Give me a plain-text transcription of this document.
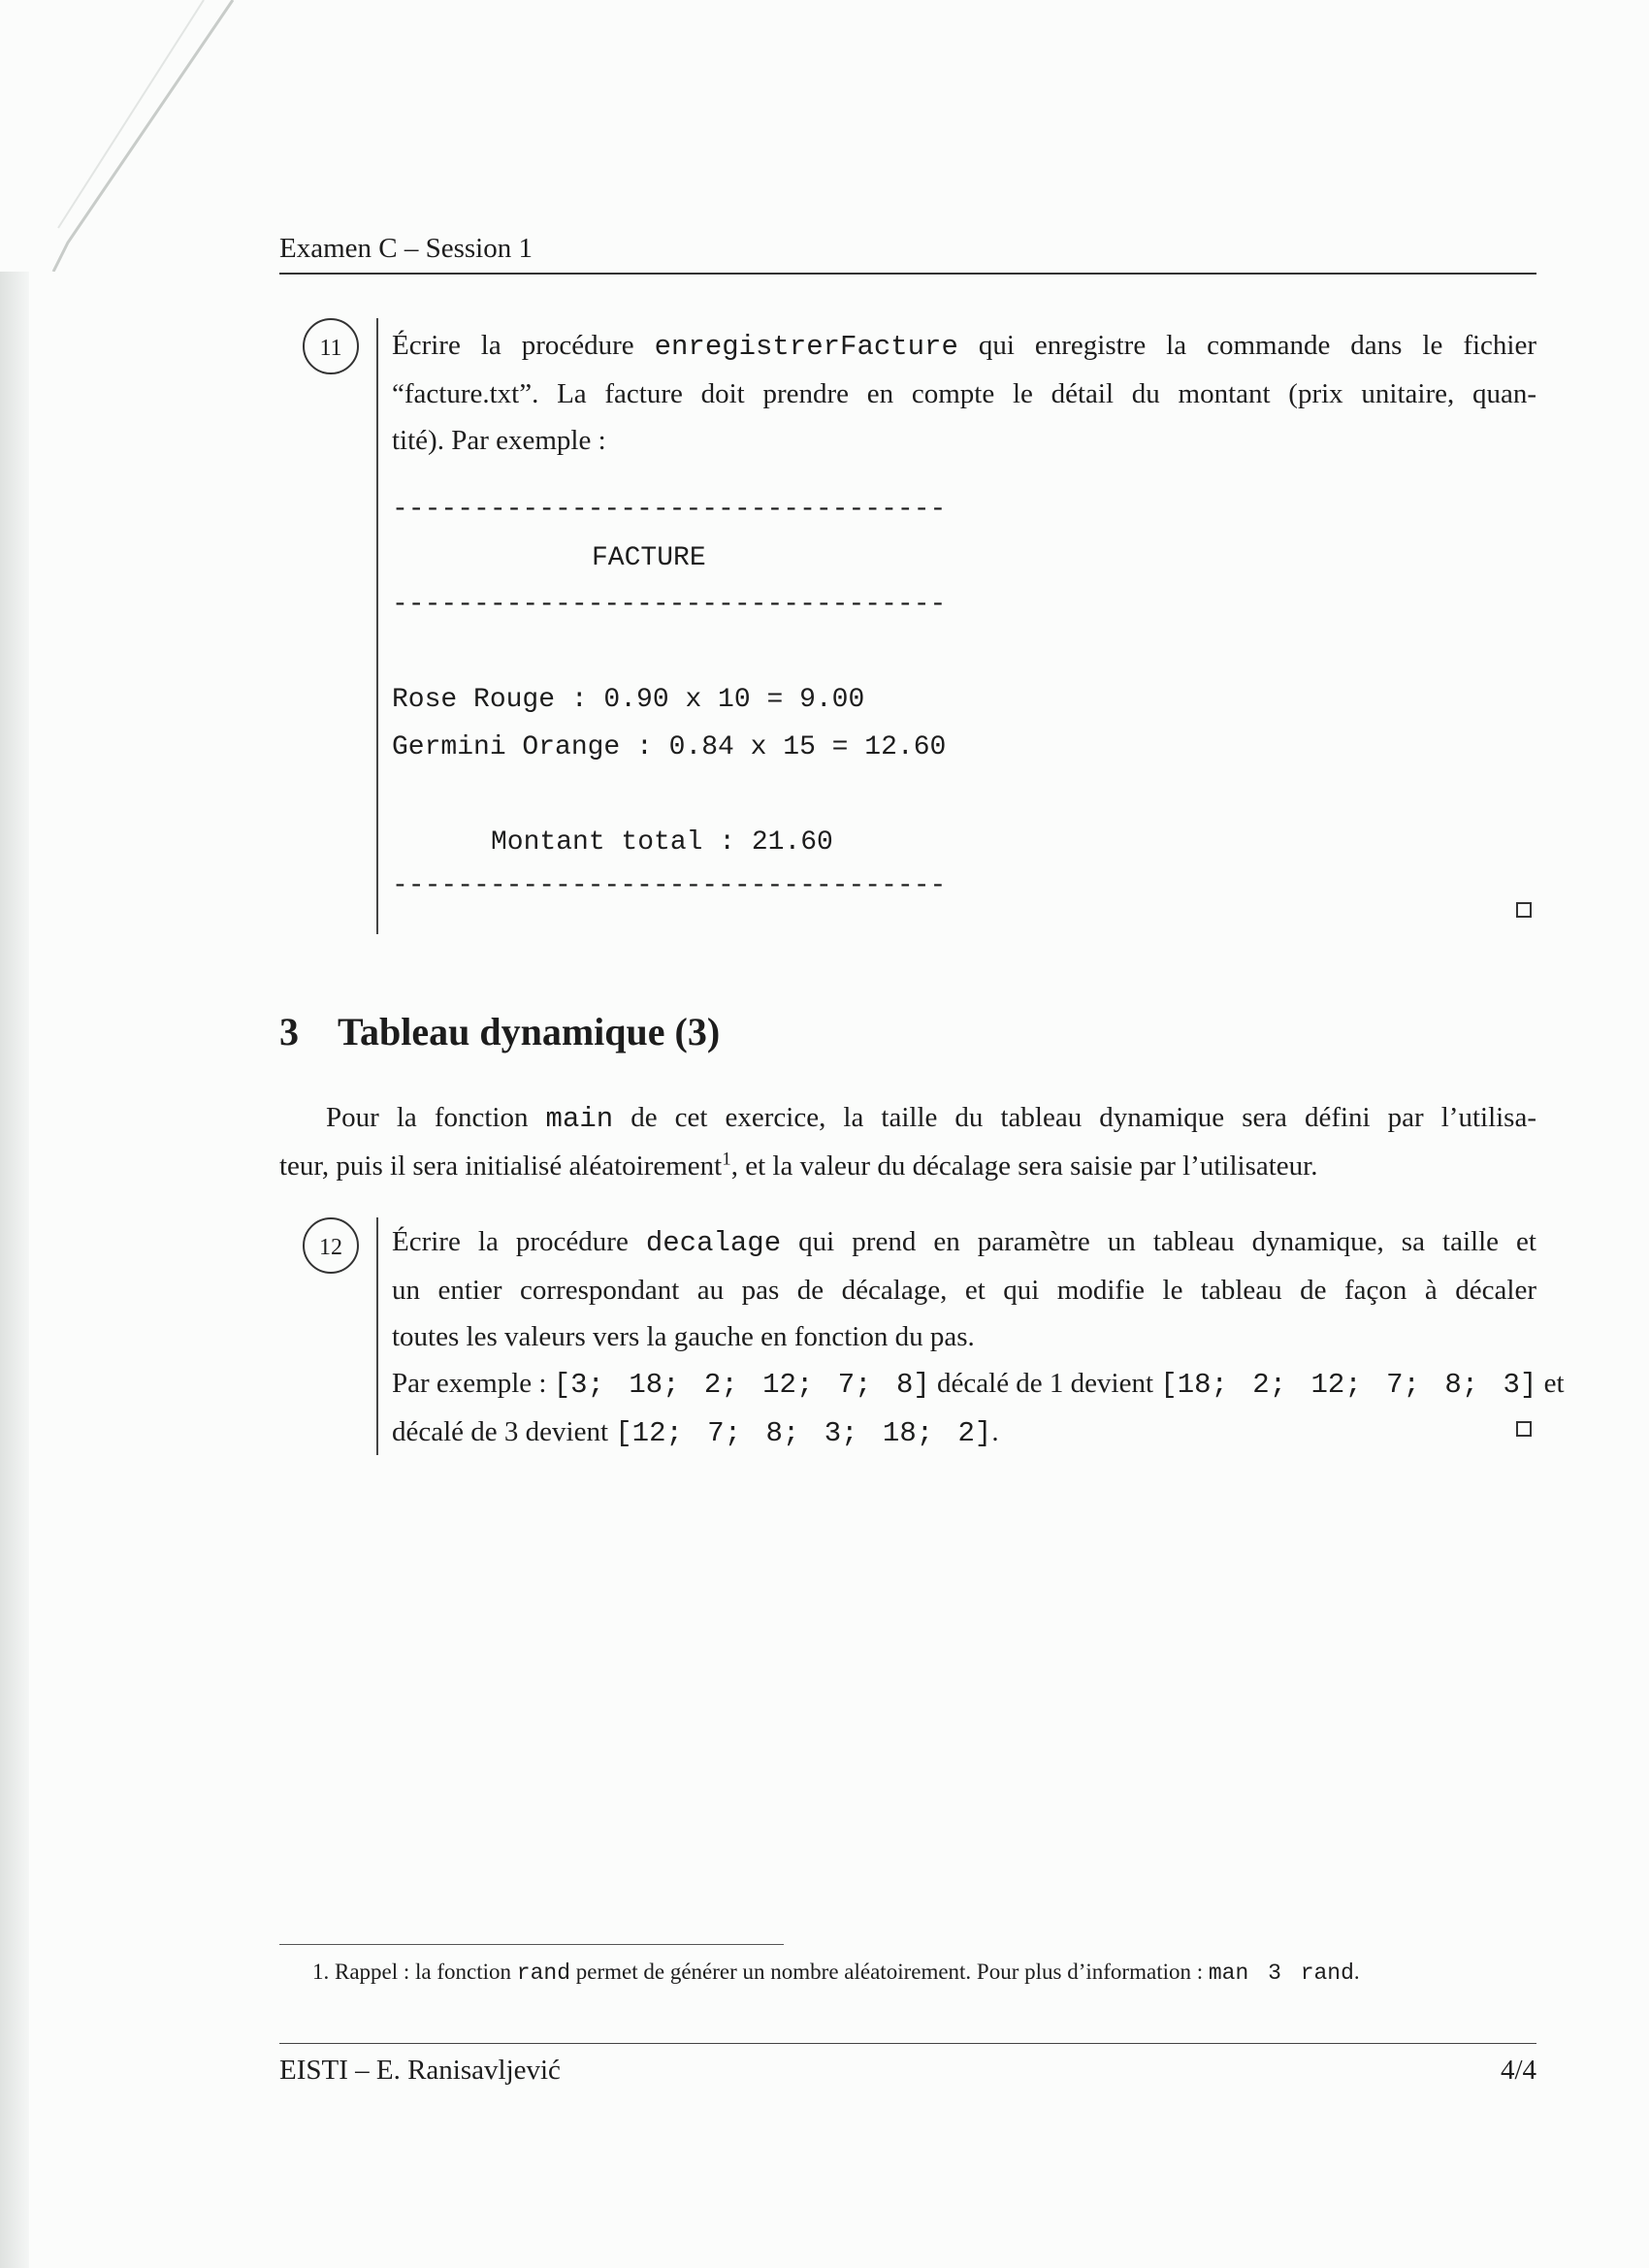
Examen C – Session 1
11	Écrire la procédure enregistrerFacture qui enregistre la commande dans le fichier
“facture.txt”. La facture doit prendre en compte le détail du montant (prix unitaire, quan-
tité). Par exemple :
----------------------------------
FACTURE
----------------------------------
Rose Rouge : 0.90 x 10 = 9.00
Germini Orange : 0.84 x 15 = 12.60
Montant total : 21.60
----------------------------------
3 Tableau dynamique (3)
Pour la fonction main de cet exercice, la taille du tableau dynamique sera défini par l’utilisa-
teur, puis il sera initialisé aléatoirement$^1$, et la valeur du décalage sera saisie par l’utilisateur.
12	Écrire la procédure decalage qui prend en paramètre un tableau dynamique, sa taille et
un entier correspondant au pas de décalage, et qui modifie le tableau de façon à décaler
toutes les valeurs vers la gauche en fonction du pas.
Par exemple : [3; 18; 2; 12; 7; 8] décalé de 1 devient [18; 2; 12; 7; 8; 3] et
décalé de 3 devient [12; 7; 8; 3; 18; 2].
1. Rappel : la fonction rand permet de générer un nombre aléatoirement. Pour plus d’information : man 3 rand.
EISTI – E. Ranisavljević	4/4
